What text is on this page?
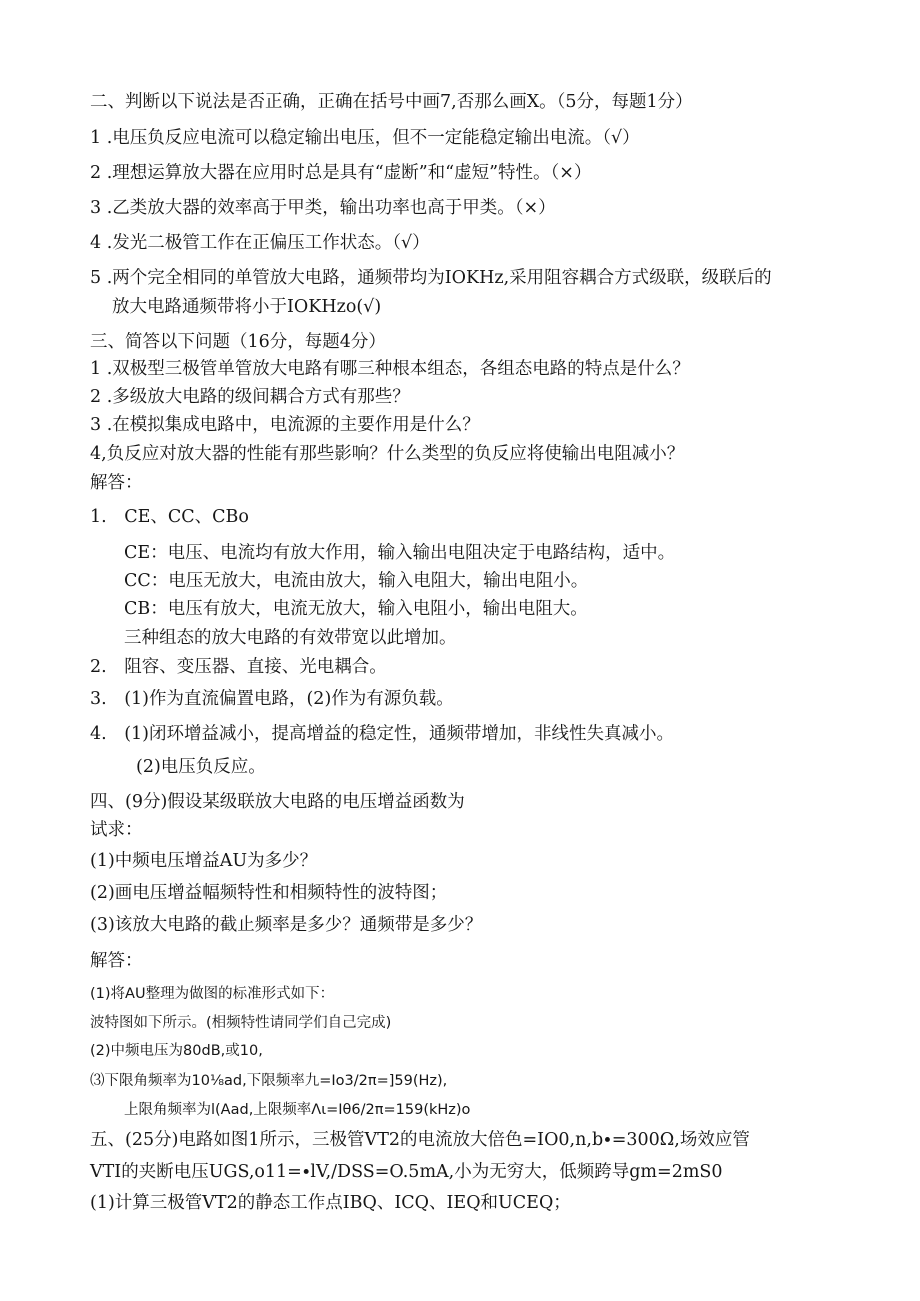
二、判断以下说法是否正确，正确在括号中画7,否那么画X。（5分，每题1分）
1 .电压负反应电流可以稳定输出电压，但不一定能稳定输出电流。（√）
2 .理想运算放大器在应用时总是具有“虚断”和“虚短”特性。（×）
3 .乙类放大器的效率高于甲类，输出功率也高于甲类。（×）
4 .发光二极管工作在正偏压工作状态。（√）
5 .两个完全相同的单管放大电路，通频带均为IOKHz,采用阻容耦合方式级联，级联后的
放大电路通频带将小于IOKHzo(√)
三、简答以下问题（16分，每题4分）
1 .双极型三极管单管放大电路有哪三种根本组态，各组态电路的特点是什么？
2 .多级放大电路的级间耦合方式有那些？
3 .在模拟集成电路中，电流源的主要作用是什么？
4,负反应对放大器的性能有那些影响？什么类型的负反应将使输出电阻减小？
解答：
1.　CE、CC、CBo
CE：电压、电流均有放大作用，输入输出电阻决定于电路结构，适中。
CC：电压无放大，电流由放大，输入电阻大，输出电阻小。
CB：电压有放大，电流无放大，输入电阻小，输出电阻大。
三种组态的放大电路的有效带宽以此增加。
2.　阻容、变压器、直接、光电耦合。
3.　(1)作为直流偏置电路，(2)作为有源负载。
4.　(1)闭环增益减小，提高增益的稳定性，通频带增加，非线性失真减小。
(2)电压负反应。
四、(9分)假设某级联放大电路的电压增益函数为
试求：
(1)中频电压增益AU为多少？
(2)画电压增益幅频特性和相频特性的波特图；
(3)该放大电路的截止频率是多少？通频带是多少？
解答：
(1)将AU整理为做图的标准形式如下：
波特图如下所示。(相频特性请同学们自己完成)
(2)中频电压为80dB,或10,
⑶下限角频率为10⅛ad,下限频率九=Io3∕2π=]59(Hz),
上限角频率为l(Aad,上限频率Λι=Iθ6∕2π=159(kHz)o
五、(25分)电路如图1所示，三极管VT2的电流放大倍色=IO0,n,b∙=300Ω,场效应管
VTI的夹断电压UGS,o11=∙lV,/DSS=O.5mA,小为无穷大，低频跨导gm=2mS0
(1)计算三极管VT2的静态工作点IBQ、ICQ、IEQ和UCEQ；
